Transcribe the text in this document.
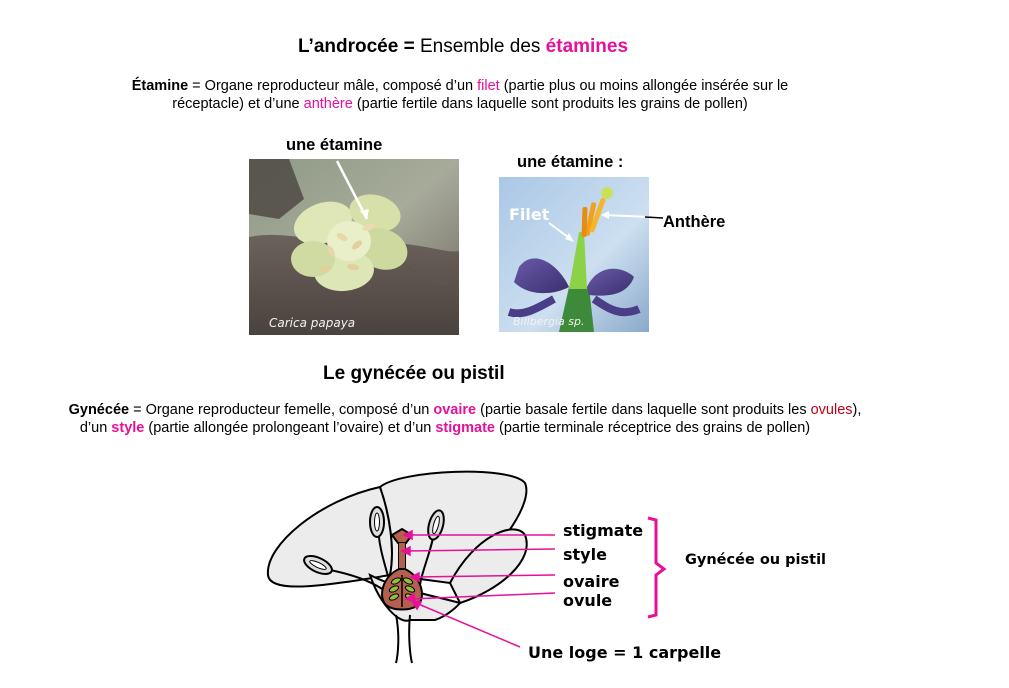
L’androcée = Ensemble des étamines
Étamine = Organe reproducteur mâle, composé d’un filet (partie plus ou moins allongée insérée sur le
réceptacle) et d’une anthère (partie fertile dans laquelle sont produits les grains de pollen)
une étamine
Carica papaya
une étamine :
Filet
Billbergia sp.
Anthère
Le gynécée ou pistil
Gynécée = Organe reproducteur femelle, composé d’un ovaire (partie basale fertile dans laquelle sont produits les ovules),
d’un style (partie allongée prolongeant l’ovaire) et d’un stigmate (partie terminale réceptrice des grains de pollen)
stigmate
style
ovaire
ovule
Gynécée ou pistil
Une loge = 1 carpelle
